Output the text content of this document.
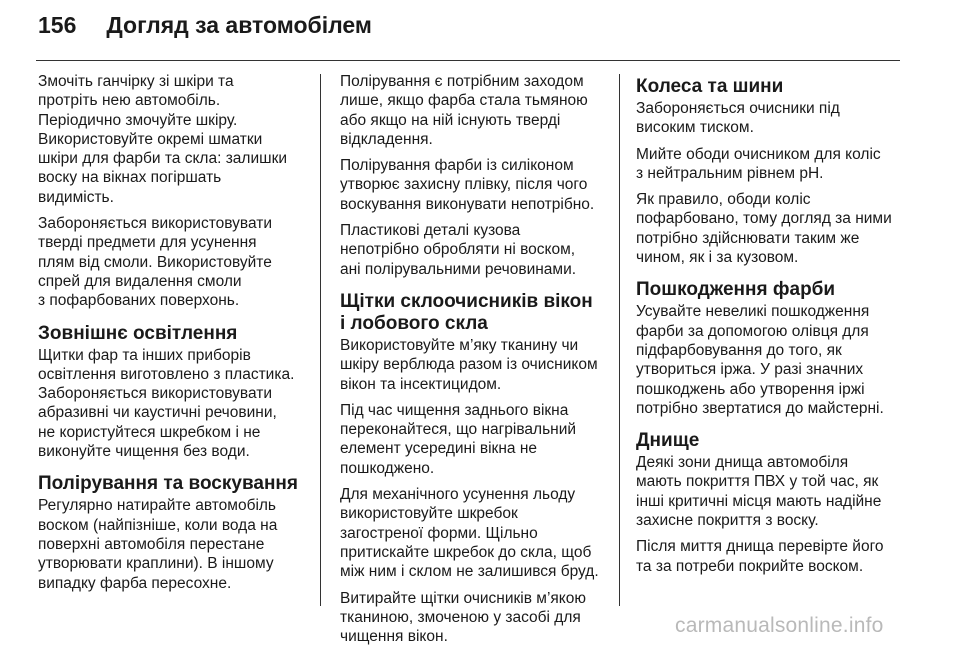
156 Догляд за автомобілем
Змочіть ганчірку зі шкіри та
протріть нею автомобіль.
Періодично змочуйте шкіру.
Використовуйте окремі шматки
шкіри для фарби та скла: залишки
воску на вікнах погіршать
видимість.
Забороняється використовувати
тверді предмети для усунення
плям від смоли. Використовуйте
спрей для видалення смоли
з пофарбованих поверхонь.
Зовнішнє освітлення
Щитки фар та інших приборів
освітлення виготовлено з пластика.
Забороняється використовувати
абразивні чи каустичні речовини,
не користуйтеся шкребком і не
виконуйте чищення без води.
Полірування та воскування
Регулярно натирайте автомобіль
воском (найпізніше, коли вода на
поверхні автомобіля перестане
утворювати краплини). В іншому
випадку фарба пересохне.
Полірування є потрібним заходом
лише, якщо фарба стала тьмяною
або якщо на ній існують тверді
відкладення.
Полірування фарби із силіконом
утворює захисну плівку, після чого
воскування виконувати непотрібно.
Пластикові деталі кузова
непотрібно обробляти ні воском,
ані полірувальними речовинами.
Щітки склоочисників вікон
і лобового скла
Використовуйте м’яку тканину чи
шкіру верблюда разом із очисником
вікон та інсектицидом.
Під час чищення заднього вікна
переконайтеся, що нагрівальний
елемент усередині вікна не
пошкоджено.
Для механічного усунення льоду
використовуйте шкребок
загостреної форми. Щільно
притискайте шкребок до скла, щоб
між ним і склом не залишився бруд.
Витирайте щітки очисників м’якою
тканиною, змоченою у засобі для
чищення вікон.
Колеса та шини
Забороняється очисники під
високим тиском.
Мийте ободи очисником для коліс
з нейтральним рівнем pH.
Як правило, ободи коліс
пофарбовано, тому догляд за ними
потрібно здійснювати таким же
чином, як і за кузовом.
Пошкодження фарби
Усувайте невеликі пошкодження
фарби за допомогою олівця для
підфарбовування до того, як
утвориться іржа. У разі значних
пошкоджень або утворення іржі
потрібно звертатися до майстерні.
Днище
Деякі зони днища автомобіля
мають покриття ПВХ у той час, як
інші критичні місця мають надійне
захисне покриття з воску.
Після миття днища перевірте його
та за потреби покрийте воском.
carmanualsonline.info
